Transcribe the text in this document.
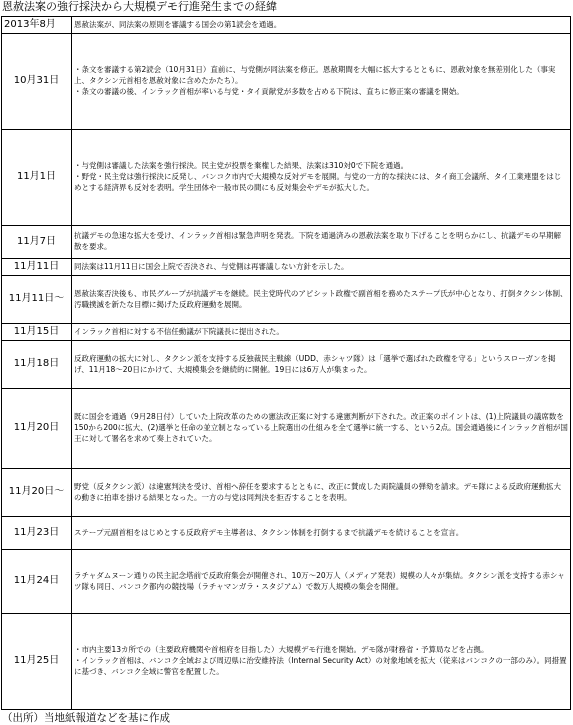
恩赦法案の強行採決から大規模デモ行進発生までの経緯
2013年8月	恩赦法案が、同法案の原則を審議する国会の第1読会を通過。

10月31日	・条文を審議する第2読会（10月31日）直前に、与党側が同法案を修正。恩赦期間を大幅に拡大するとともに、恩赦対象を無差別化した（事実上、タクシン元首相を恩赦対象に含めたかたち）。
・条文の審議の後、インラック首相が率いる与党・タイ貢献党が多数を占める下院は、直ちに修正案の審議を開始。

11月1日	・与党側は審議した法案を強行採決。民主党が投票を棄権した結果、法案は310対0で下院を通過。
・野党・民主党は強行採決に反発し、バンコク市内で大規模な反対デモを展開。与党の一方的な採決には、タイ商工会議所、タイ工業連盟をはじめとする経済界も反対を表明。学生団体や一般市民の間にも反対集会やデモが拡大した。

11月7日	抗議デモの急速な拡大を受け、インラック首相は緊急声明を発表。下院を通過済みの恩赦法案を取り下げることを明らかにし、抗議デモの早期解散を要求。

11月11日	同法案は11月11日に国会上院で否決され、与党側は再審議しない方針を示した。

11月11日～	恩赦法案否決後も、市民グループが抗議デモを継続。民主党時代のアピシット政権で副首相を務めたステープ氏が中心となり、打倒タクシン体制、汚職撲滅を新たな目標に掲げた反政府運動を展開。

11月15日	インラック首相に対する不信任動議が下院議長に提出された。

11月18日	反政府運動の拡大に対し、タクシン派を支持する反独裁民主戦線（UDD、赤シャツ隊）は「選挙で選ばれた政権を守る」というスローガンを掲げ、11月18～20日にかけて、大規模集会を継続的に開催。19日には6万人が集まった。

11月20日	既に国会を通過（9月28日付）していた上院改革のための憲法改正案に対する違憲判断が下された。改正案のポイントは、(1)上院議員の議席数を150から200に拡大、(2)選挙と任命の並立制となっている上院選出の仕組みを全て選挙に統一する、という2点。国会通過後にインラック首相が国王に対して署名を求めて奏上されていた。

11月20日～	野党（反タクシン派）は違憲判決を受け、首相へ辞任を要求するとともに、改正に賛成した両院議員の弾劾を請求。デモ隊による反政府運動拡大の動きに拍車を掛ける結果となった。一方の与党は同判決を拒否することを表明。

11月23日	ステープ元副首相をはじめとする反政府デモ主導者は、タクシン体制を打倒するまで抗議デモを続けることを宣言。

11月24日	ラチャダムヌーン通りの民主記念塔前で反政府集会が開催され、10万～20万人（メディア発表）規模の人々が集結。タクシン派を支持する赤シャツ隊も同日、バンコク都内の競技場（ラチャマンガラ・スタジアム）で数万人規模の集会を開催。

11月25日	・市内主要13カ所での（主要政府機関や首相府を目指した）大規模デモ行進を開始。デモ隊が財務省・予算局などを占拠。
・インラック首相は、バンコク全域および周辺県に治安維持法（Internal Security Act）の対象地域を拡大（従来はバンコクの一部のみ）。同措置に基づき、バンコク全域に警官を配置した。
（出所）当地紙報道などを基に作成
